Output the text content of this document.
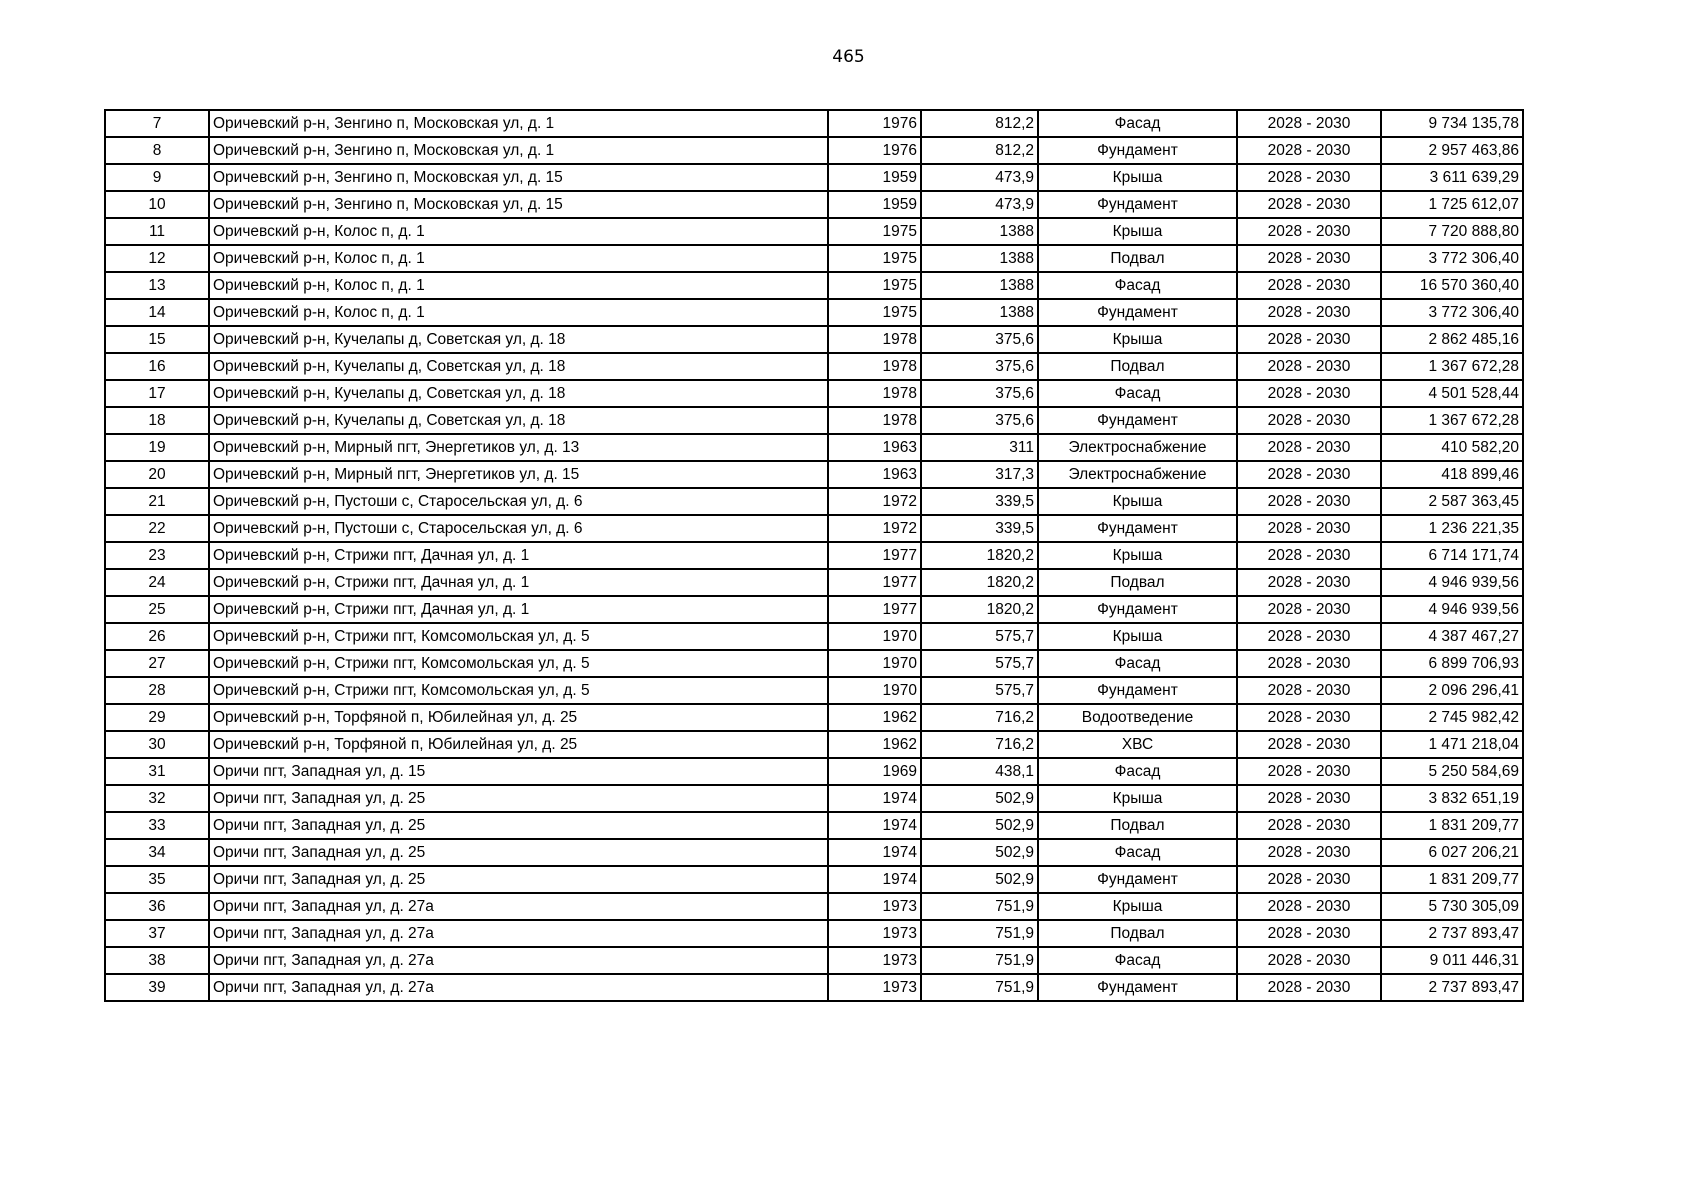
465
7	Оричевский р-н, Зенгино п, Московская ул, д. 1	1976	812,2	Фасад	2028 - 2030	9 734 135,78
8	Оричевский р-н, Зенгино п, Московская ул, д. 1	1976	812,2	Фундамент	2028 - 2030	2 957 463,86
9	Оричевский р-н, Зенгино п, Московская ул, д. 15	1959	473,9	Крыша	2028 - 2030	3 611 639,29
10	Оричевский р-н, Зенгино п, Московская ул, д. 15	1959	473,9	Фундамент	2028 - 2030	1 725 612,07
11	Оричевский р-н, Колос п, д. 1	1975	1388	Крыша	2028 - 2030	7 720 888,80
12	Оричевский р-н, Колос п, д. 1	1975	1388	Подвал	2028 - 2030	3 772 306,40
13	Оричевский р-н, Колос п, д. 1	1975	1388	Фасад	2028 - 2030	16 570 360,40
14	Оричевский р-н, Колос п, д. 1	1975	1388	Фундамент	2028 - 2030	3 772 306,40
15	Оричевский р-н, Кучелапы д, Советская ул, д. 18	1978	375,6	Крыша	2028 - 2030	2 862 485,16
16	Оричевский р-н, Кучелапы д, Советская ул, д. 18	1978	375,6	Подвал	2028 - 2030	1 367 672,28
17	Оричевский р-н, Кучелапы д, Советская ул, д. 18	1978	375,6	Фасад	2028 - 2030	4 501 528,44
18	Оричевский р-н, Кучелапы д, Советская ул, д. 18	1978	375,6	Фундамент	2028 - 2030	1 367 672,28
19	Оричевский р-н, Мирный пгт, Энергетиков ул, д. 13	1963	311	Электроснабжение	2028 - 2030	410 582,20
20	Оричевский р-н, Мирный пгт, Энергетиков ул, д. 15	1963	317,3	Электроснабжение	2028 - 2030	418 899,46
21	Оричевский р-н, Пустоши с, Старосельская ул, д. 6	1972	339,5	Крыша	2028 - 2030	2 587 363,45
22	Оричевский р-н, Пустоши с, Старосельская ул, д. 6	1972	339,5	Фундамент	2028 - 2030	1 236 221,35
23	Оричевский р-н, Стрижи пгт, Дачная ул, д. 1	1977	1820,2	Крыша	2028 - 2030	6 714 171,74
24	Оричевский р-н, Стрижи пгт, Дачная ул, д. 1	1977	1820,2	Подвал	2028 - 2030	4 946 939,56
25	Оричевский р-н, Стрижи пгт, Дачная ул, д. 1	1977	1820,2	Фундамент	2028 - 2030	4 946 939,56
26	Оричевский р-н, Стрижи пгт, Комсомольская ул, д. 5	1970	575,7	Крыша	2028 - 2030	4 387 467,27
27	Оричевский р-н, Стрижи пгт, Комсомольская ул, д. 5	1970	575,7	Фасад	2028 - 2030	6 899 706,93
28	Оричевский р-н, Стрижи пгт, Комсомольская ул, д. 5	1970	575,7	Фундамент	2028 - 2030	2 096 296,41
29	Оричевский р-н, Торфяной п, Юбилейная ул, д. 25	1962	716,2	Водоотведение	2028 - 2030	2 745 982,42
30	Оричевский р-н, Торфяной п, Юбилейная ул, д. 25	1962	716,2	ХВС	2028 - 2030	1 471 218,04
31	Оричи пгт, Западная ул, д. 15	1969	438,1	Фасад	2028 - 2030	5 250 584,69
32	Оричи пгт, Западная ул, д. 25	1974	502,9	Крыша	2028 - 2030	3 832 651,19
33	Оричи пгт, Западная ул, д. 25	1974	502,9	Подвал	2028 - 2030	1 831 209,77
34	Оричи пгт, Западная ул, д. 25	1974	502,9	Фасад	2028 - 2030	6 027 206,21
35	Оричи пгт, Западная ул, д. 25	1974	502,9	Фундамент	2028 - 2030	1 831 209,77
36	Оричи пгт, Западная ул, д. 27а	1973	751,9	Крыша	2028 - 2030	5 730 305,09
37	Оричи пгт, Западная ул, д. 27а	1973	751,9	Подвал	2028 - 2030	2 737 893,47
38	Оричи пгт, Западная ул, д. 27а	1973	751,9	Фасад	2028 - 2030	9 011 446,31
39	Оричи пгт, Западная ул, д. 27а	1973	751,9	Фундамент	2028 - 2030	2 737 893,47
